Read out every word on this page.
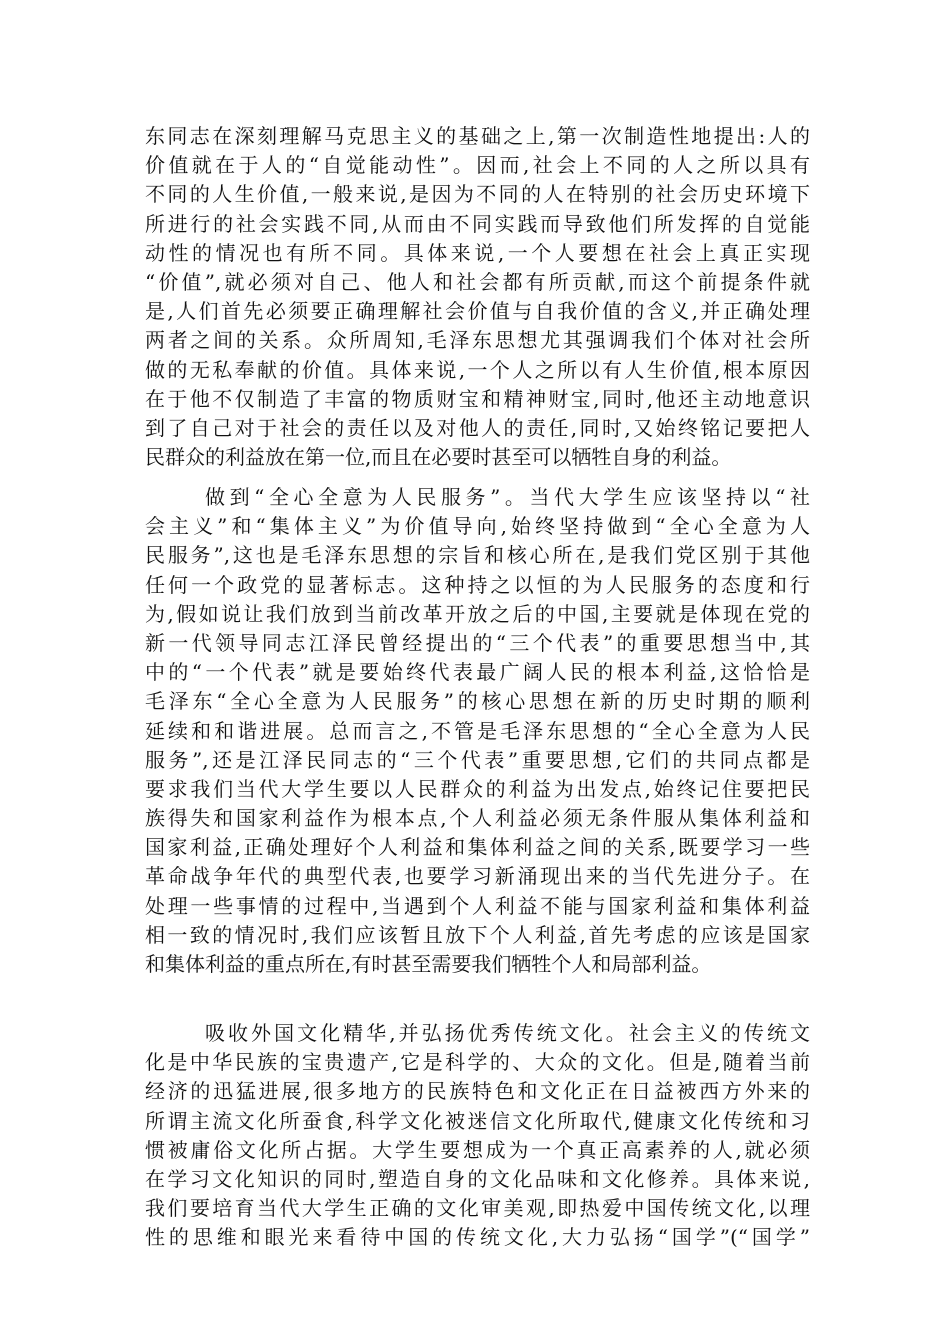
东同志在深刻理解马克思主义的基础之上,第一次制造性地提出:人的
价值就在于人的“自觉能动性”。因而,社会上不同的人之所以具有
不同的人生价值,一般来说,是因为不同的人在特别的社会历史环境下
所进行的社会实践不同,从而由不同实践而导致他们所发挥的自觉能
动性的情况也有所不同。具体来说,一个人要想在社会上真正实现
“价值”,就必须对自己、他人和社会都有所贡献,而这个前提条件就
是,人们首先必须要正确理解社会价值与自我价值的含义,并正确处理
两者之间的关系。众所周知,毛泽东思想尤其强调我们个体对社会所
做的无私奉献的价值。具体来说,一个人之所以有人生价值,根本原因
在于他不仅制造了丰富的物质财宝和精神财宝,同时,他还主动地意识
到了自己对于社会的责任以及对他人的责任,同时,又始终铭记要把人
民群众的利益放在第一位,而且在必要时甚至可以牺牲自身的利益。
做到“全心全意为人民服务”。当代大学生应该坚持以“社
会主义”和“集体主义”为价值导向,始终坚持做到“全心全意为人
民服务”,这也是毛泽东思想的宗旨和核心所在,是我们党区别于其他
任何一个政党的显著标志。这种持之以恒的为人民服务的态度和行
为,假如说让我们放到当前改革开放之后的中国,主要就是体现在党的
新一代领导同志江泽民曾经提出的“三个代表”的重要思想当中,其
中的“一个代表”就是要始终代表最广阔人民的根本利益,这恰恰是
毛泽东“全心全意为人民服务”的核心思想在新的历史时期的顺利
延续和和谐进展。总而言之,不管是毛泽东思想的“全心全意为人民
服务”,还是江泽民同志的“三个代表”重要思想,它们的共同点都是
要求我们当代大学生要以人民群众的利益为出发点,始终记住要把民
族得失和国家利益作为根本点,个人利益必须无条件服从集体利益和
国家利益,正确处理好个人利益和集体利益之间的关系,既要学习一些
革命战争年代的典型代表,也要学习新涌现出来的当代先进分子。在
处理一些事情的过程中,当遇到个人利益不能与国家利益和集体利益
相一致的情况时,我们应该暂且放下个人利益,首先考虑的应该是国家
和集体利益的重点所在,有时甚至需要我们牺牲个人和局部利益。
吸收外国文化精华,并弘扬优秀传统文化。社会主义的传统文
化是中华民族的宝贵遗产,它是科学的、大众的文化。但是,随着当前
经济的迅猛进展,很多地方的民族特色和文化正在日益被西方外来的
所谓主流文化所蚕食,科学文化被迷信文化所取代,健康文化传统和习
惯被庸俗文化所占据。大学生要想成为一个真正高素养的人,就必须
在学习文化知识的同时,塑造自身的文化品味和文化修养。具体来说,
我们要培育当代大学生正确的文化审美观,即热爱中国传统文化,以理
性的思维和眼光来看待中国的传统文化,大力弘扬“国学”(“国学”
